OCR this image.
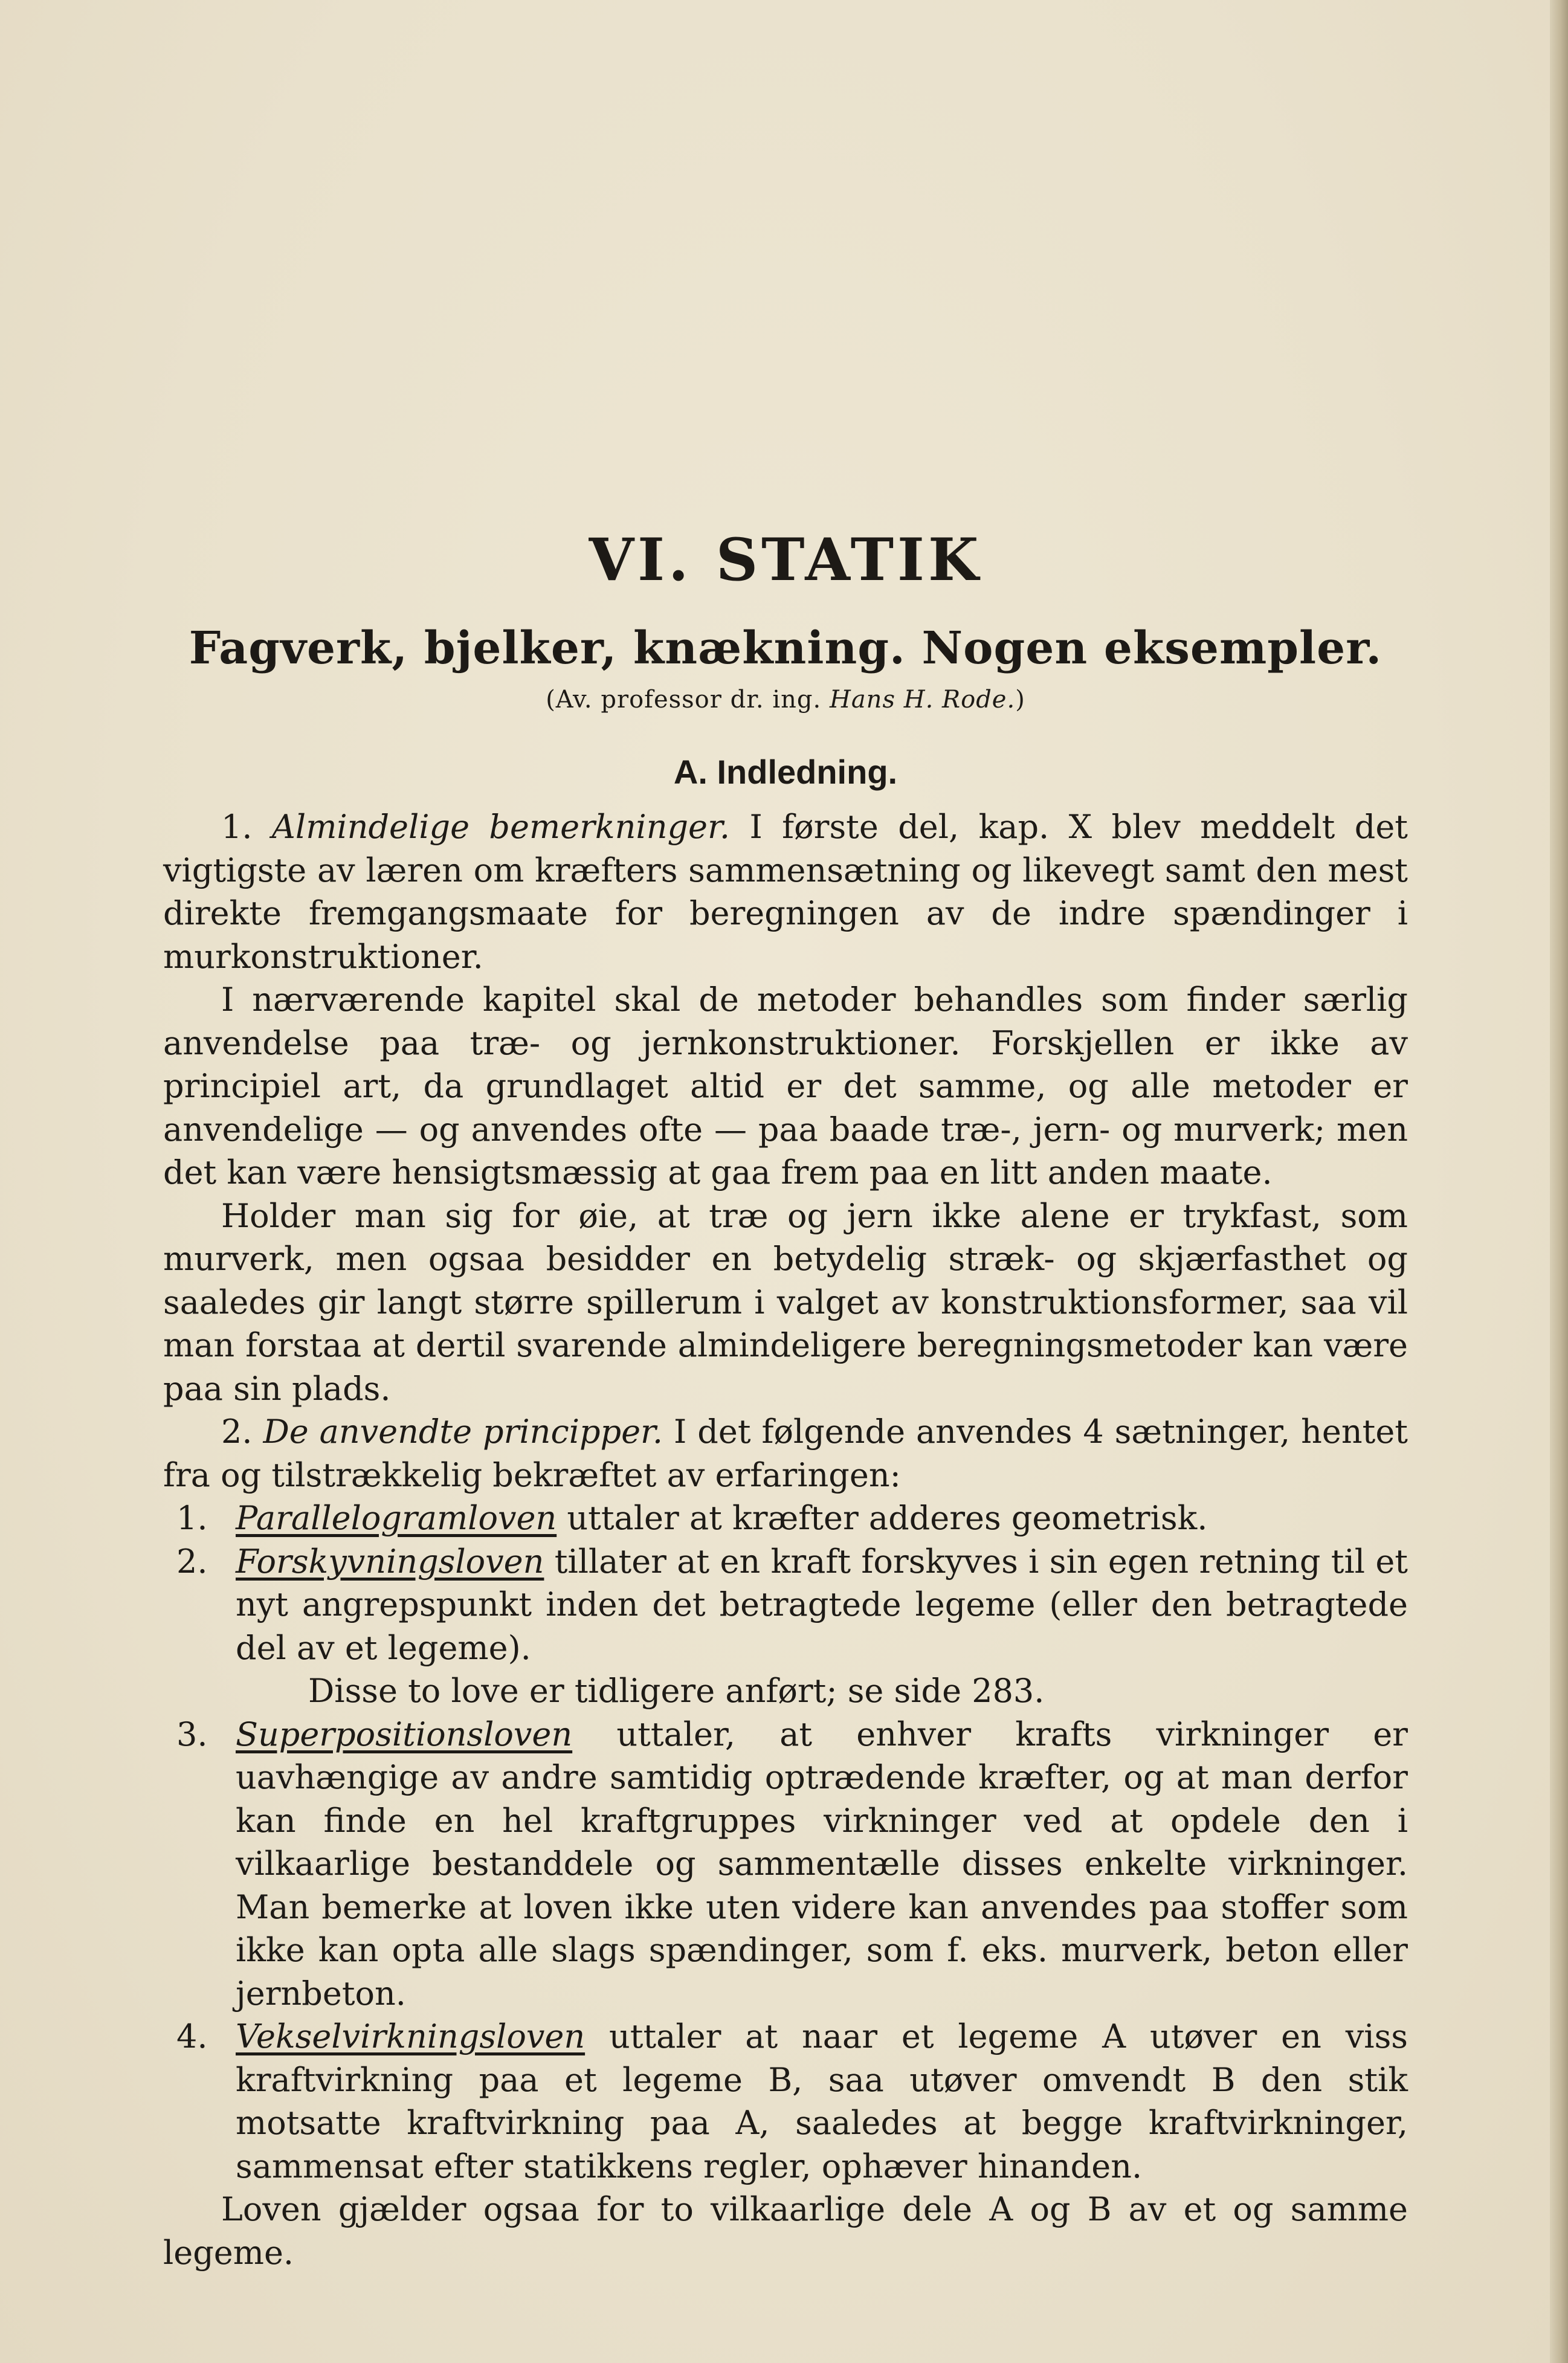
VI. STATIK
Fagverk, bjelker, knækning. Nogen eksempler.
(Av. professor dr. ing. Hans H. Rode.)
A. Indledning.

1. Almindelige bemerkninger. I første del, kap. X blev meddelt det vigtigste av læren om kræfters sammensætning og likevegt samt den mest direkte fremgangsmaate for beregningen av de indre spændinger i murkonstruktioner.

I nærværende kapitel skal de metoder behandles som finder særlig anvendelse paa træ- og jernkonstruktioner. Forskjellen er ikke av principiel art, da grundlaget altid er det samme, og alle metoder er anvendelige — og anvendes ofte — paa baade træ-, jern- og murverk; men det kan være hensigtsmæssig at gaa frem paa en litt anden maate.

Holder man sig for øie, at træ og jern ikke alene er trykfast, som murverk, men ogsaa besidder en betydelig stræk- og skjærfasthet og saaledes gir langt større spillerum i valget av konstruktionsformer, saa vil man forstaa at dertil svarende almindeligere beregningsmetoder kan være paa sin plads.

2. De anvendte principper. I det følgende anvendes 4 sætninger, hentet fra og tilstrækkelig bekræftet av erfaringen:

1. Parallelogramloven uttaler at kræfter adderes geometrisk.
2. Forskyvningsloven tillater at en kraft forskyves i sin egen retning til et nyt angrepspunkt inden det betragtede legeme (eller den betragtede del av et legeme).

Disse to love er tidligere anført; se side 283.

3. Superpositionsloven uttaler, at enhver krafts virkninger er uavhængige av andre samtidig optrædende kræfter, og at man derfor kan finde en hel kraftgruppes virkninger ved at opdele den i vilkaarlige bestanddele og sammentælle disses enkelte virkninger. Man bemerke at loven ikke uten videre kan anvendes paa stoffer som ikke kan opta alle slags spændinger, som f. eks. murverk, beton eller jernbeton.
4. Vekselvirkningsloven uttaler at naar et legeme A utøver en viss kraftvirkning paa et legeme B, saa utøver omvendt B den stik motsatte kraftvirkning paa A, saaledes at begge kraftvirkninger, sammensat efter statikkens regler, ophæver hinanden.

Loven gjælder ogsaa for to vilkaarlige dele A og B av et og samme legeme.
